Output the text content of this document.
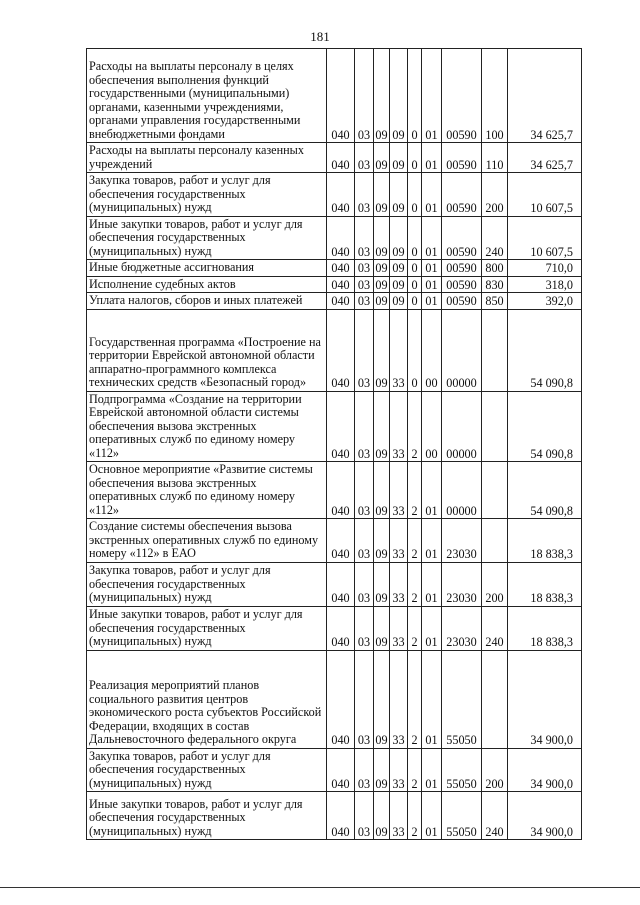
181
Расходы на выплаты персоналу в целях обеспечения выполнения функций государственными (муниципальными) органами, казенными учреждениями, органами управления государственными внебюджетными фондами	040	03	09	09	0	01	00590	100	34 625,7
Расходы на выплаты персоналу казенных учреждений	040	03	09	09	0	01	00590	110	34 625,7
Закупка товаров, работ и услуг для обеспечения государственных (муниципальных) нужд	040	03	09	09	0	01	00590	200	10 607,5
Иные закупки товаров, работ и услуг для обеспечения государственных (муниципальных) нужд	040	03	09	09	0	01	00590	240	10 607,5
Иные бюджетные ассигнования	040	03	09	09	0	01	00590	800	710,0
Исполнение судебных актов	040	03	09	09	0	01	00590	830	318,0
Уплата налогов, сборов и иных платежей	040	03	09	09	0	01	00590	850	392,0
Государственная программа «Построение на территории Еврейской автономной области аппаратно-программного комплекса технических средств «Безопасный город»	040	03	09	33	0	00	00000		54 090,8
Подпрограмма «Создание на территории Еврейской автономной области системы обеспечения вызова экстренных оперативных служб по единому номеру «112»	040	03	09	33	2	00	00000		54 090,8
Основное мероприятие «Развитие системы обеспечения вызова экстренных оперативных служб по единому номеру «112»	040	03	09	33	2	01	00000		54 090,8
Создание системы обеспечения вызова экстренных оперативных служб по единому номеру «112» в ЕАО	040	03	09	33	2	01	23030		18 838,3
Закупка товаров, работ и услуг для обеспечения государственных (муниципальных) нужд	040	03	09	33	2	01	23030	200	18 838,3
Иные закупки товаров, работ и услуг для обеспечения государственных (муниципальных) нужд	040	03	09	33	2	01	23030	240	18 838,3
Реализация мероприятий планов социального развития центров экономического роста субъектов Российской Федерации, входящих в состав Дальневосточного федерального округа	040	03	09	33	2	01	55050		34 900,0
Закупка товаров, работ и услуг для обеспечения государственных (муниципальных) нужд	040	03	09	33	2	01	55050	200	34 900,0
Иные закупки товаров, работ и услуг для обеспечения государственных (муниципальных) нужд	040	03	09	33	2	01	55050	240	34 900,0
